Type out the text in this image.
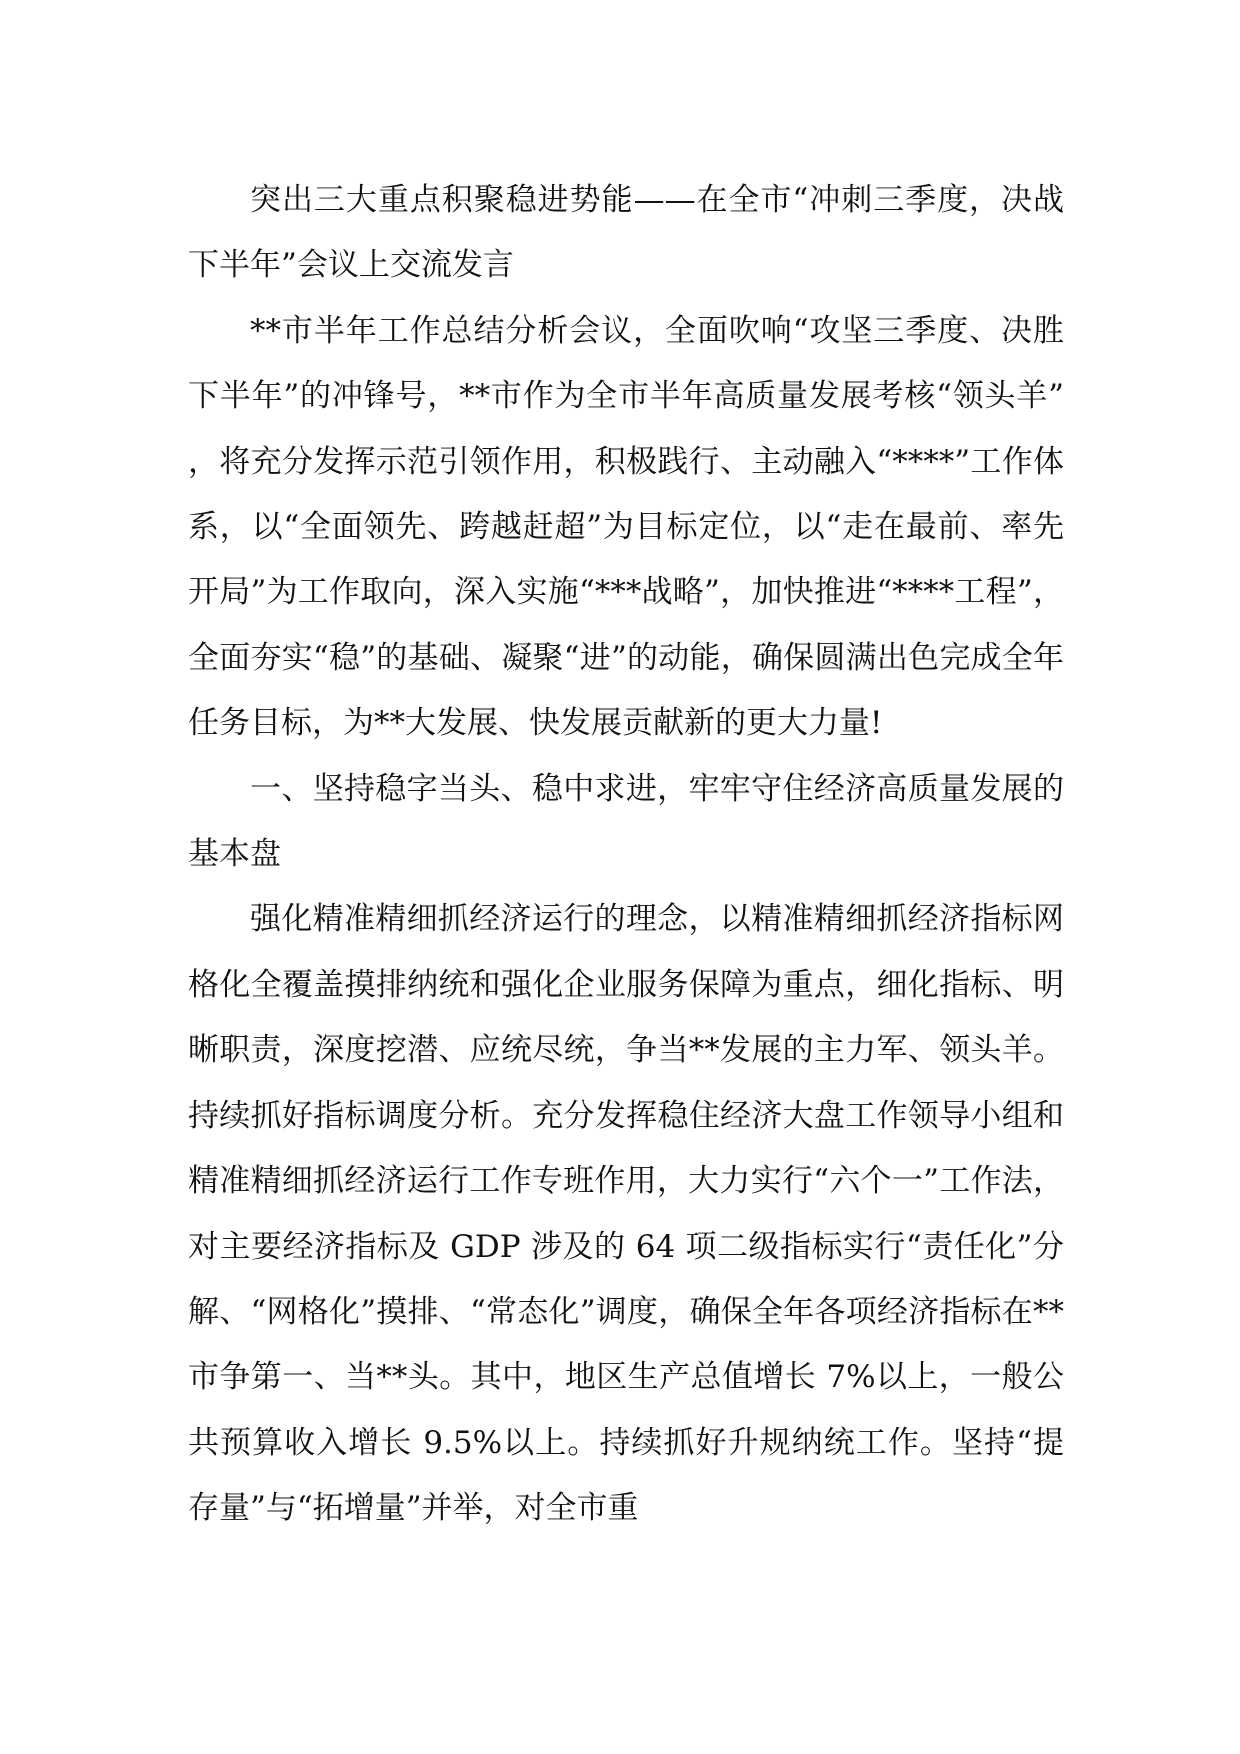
突出三大重点积聚稳进势能——在全市“冲刺三季度，决战下半年”会议上交流发言

**市半年工作总结分析会议，全面吹响“攻坚三季度、决胜下半年”的冲锋号，**市作为全市半年高质量发展考核“领头羊”，将充分发挥示范引领作用，积极践行、主动融入“****”工作体系，以“全面领先、跨越赶超”为目标定位，以“走在最前、率先开局”为工作取向，深入实施“***战略”，加快推进“****工程”，全面夯实“稳”的基础、凝聚“进”的动能，确保圆满出色完成全年任务目标，为**大发展、快发展贡献新的更大力量!

一、坚持稳字当头、稳中求进，牢牢守住经济高质量发展的基本盘

强化精准精细抓经济运行的理念，以精准精细抓经济指标网格化全覆盖摸排纳统和强化企业服务保障为重点，细化指标、明晰职责，深度挖潜、应统尽统，争当**发展的主力军、领头羊。持续抓好指标调度分析。充分发挥稳住经济大盘工作领导小组和精准精细抓经济运行工作专班作用，大力实行“六个一”工作法，对主要经济指标及 GDP 涉及的 64 项二级指标实行“责任化”分解、“网格化”摸排、“常态化”调度，确保全年各项经济指标在**市争第一、当**头。其中，地区生产总值增长 7%以上，一般公共预算收入增长 9.5%以上。持续抓好升规纳统工作。坚持“提存量”与“拓增量”并举，对全市重
